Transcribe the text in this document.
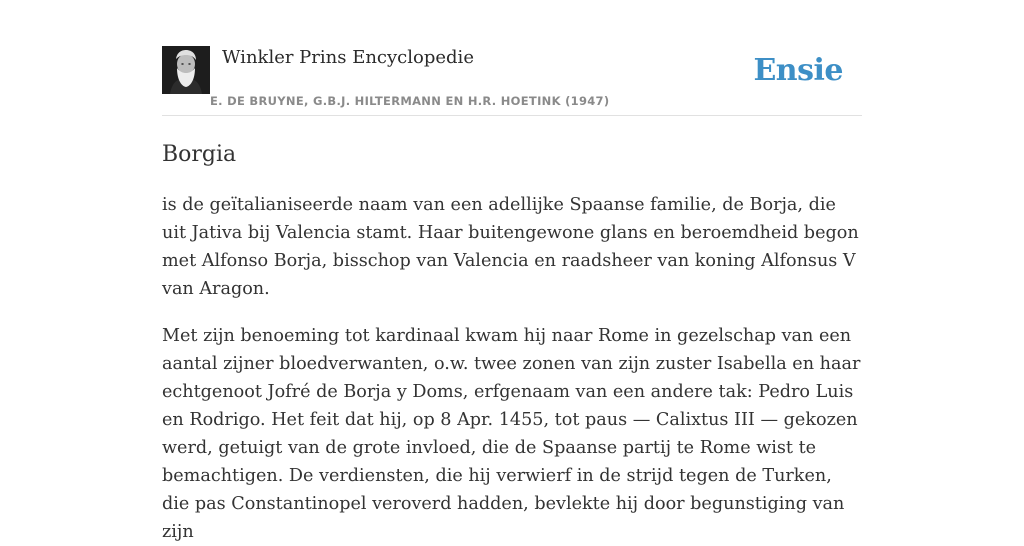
Winkler Prins Encyclopedie
E. DE BRUYNE, G.B.J. HILTERMANN EN H.R. HOETINK (1947)
Ensie
Borgia

is de geïtalianiseerde naam van een adellijke Spaanse familie, de Borja, die uit Jativa bij Valencia stamt. Haar buitengewone glans en beroemdheid begon met Alfonso Borja, bisschop van Valencia en raadsheer van koning Alfonsus V van Aragon.

Met zijn benoeming tot kardinaal kwam hij naar Rome in gezelschap van een aantal zijner bloedverwanten, o.w. twee zonen van zijn zuster Isabella en haar echtgenoot Jofré de Borja y Doms, erfgenaam van een andere tak: Pedro Luis en Rodrigo. Het feit dat hij, op 8 Apr. 1455, tot paus — Calixtus III — gekozen werd, getuigt van de grote invloed, die de Spaanse partij te Rome wist te bemachtigen. De verdiensten, die hij verwierf in de strijd tegen de Turken, die pas Constantinopel veroverd hadden, bevlekte hij door begunstiging van zijn
